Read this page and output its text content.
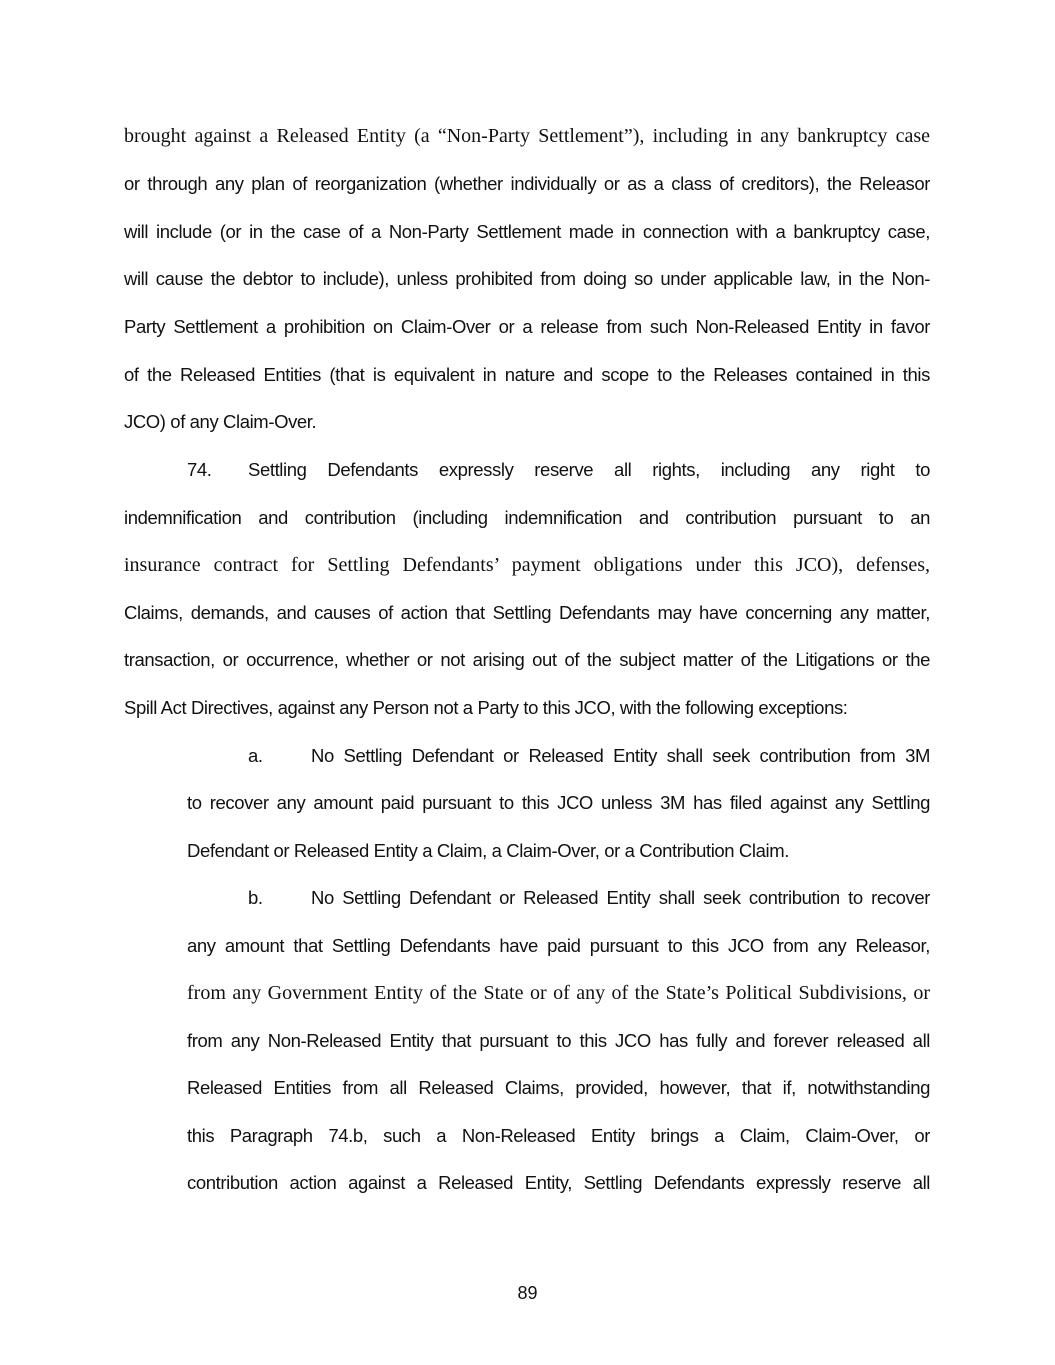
brought against a Released Entity (a “Non-Party Settlement”), including in any bankruptcy case
or through any plan of reorganization (whether individually or as a class of creditors), the Releasor
will include (or in the case of a Non-Party Settlement made in connection with a bankruptcy case,
will cause the debtor to include), unless prohibited from doing so under applicable law, in the Non-
Party Settlement a prohibition on Claim-Over or a release from such Non-Released Entity in favor
of the Released Entities (that is equivalent in nature and scope to the Releases contained in this
JCO) of any Claim-Over.
74. Settling Defendants expressly reserve all rights, including any right to
indemnification and contribution (including indemnification and contribution pursuant to an
insurance contract for Settling Defendants’ payment obligations under this JCO), defenses,
Claims, demands, and causes of action that Settling Defendants may have concerning any matter,
transaction, or occurrence, whether or not arising out of the subject matter of the Litigations or the
Spill Act Directives, against any Person not a Party to this JCO, with the following exceptions:
a.	No Settling Defendant or Released Entity shall seek contribution from 3M
to recover any amount paid pursuant to this JCO unless 3M has filed against any Settling
Defendant or Released Entity a Claim, a Claim-Over, or a Contribution Claim.
b.	No Settling Defendant or Released Entity shall seek contribution to recover
any amount that Settling Defendants have paid pursuant to this JCO from any Releasor,
from any Government Entity of the State or of any of the State’s Political Subdivisions, or
from any Non-Released Entity that pursuant to this JCO has fully and forever released all
Released Entities from all Released Claims, provided, however, that if, notwithstanding
this Paragraph 74.b, such a Non-Released Entity brings a Claim, Claim-Over, or
contribution action against a Released Entity, Settling Defendants expressly reserve all
89
